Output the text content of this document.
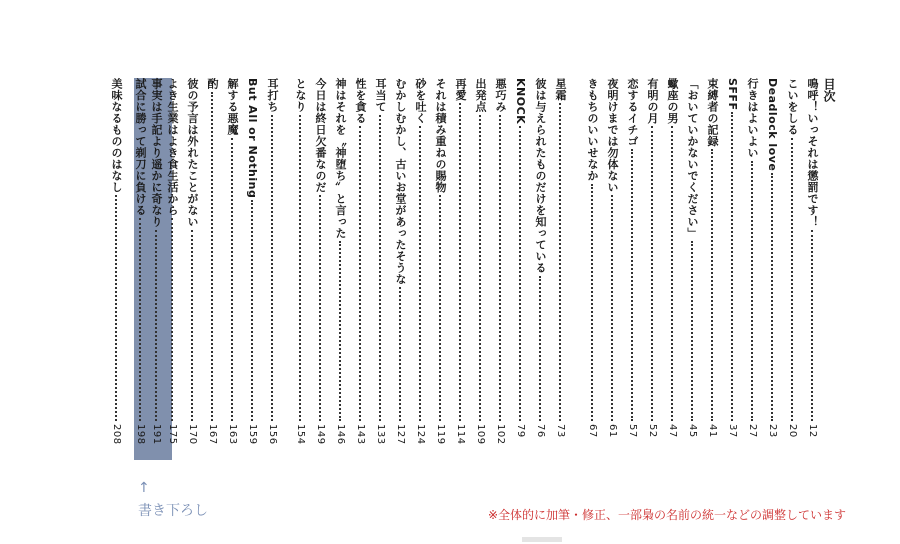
目次
鳴呼！いっそれは懲罰です！
12
こいをしる
20
Deadlock love
23
行きはよいよい
27
SFFF
37
束縛者の記録
41
「おいていかないでください」
45
蠍座の男
47
有明の月
52
恋するイチゴ
57
夜明けまでは勿体ない
61
きもちのいいせなか
67
星霜
73
彼は与えられたものだけを知っている
76
KNOCK
79
悪巧み
102
出発点
109
再愛
114
それは積み重ねの賜物
119
砂を吐く
124
むかしむかし、古いお堂があったそうな
127
耳当て
133
性を貪る
143
神はそれを〝神堕ち〟と言った
146
今日は終日欠番なのだ
149
となり
154
耳打ち
156
But All or Nothing
159
解する悪魔
163
酌
167
彼の予言は外れたことがない
170
よき生業はよき食生活から
175
事実は手記より遥かに奇なり
191
試合に勝って剃刀に負ける
198
美味なるもののはなし
208
↑
書き下ろし	※全体的に加筆・修正、一部梟の名前の統一などの調整しています
